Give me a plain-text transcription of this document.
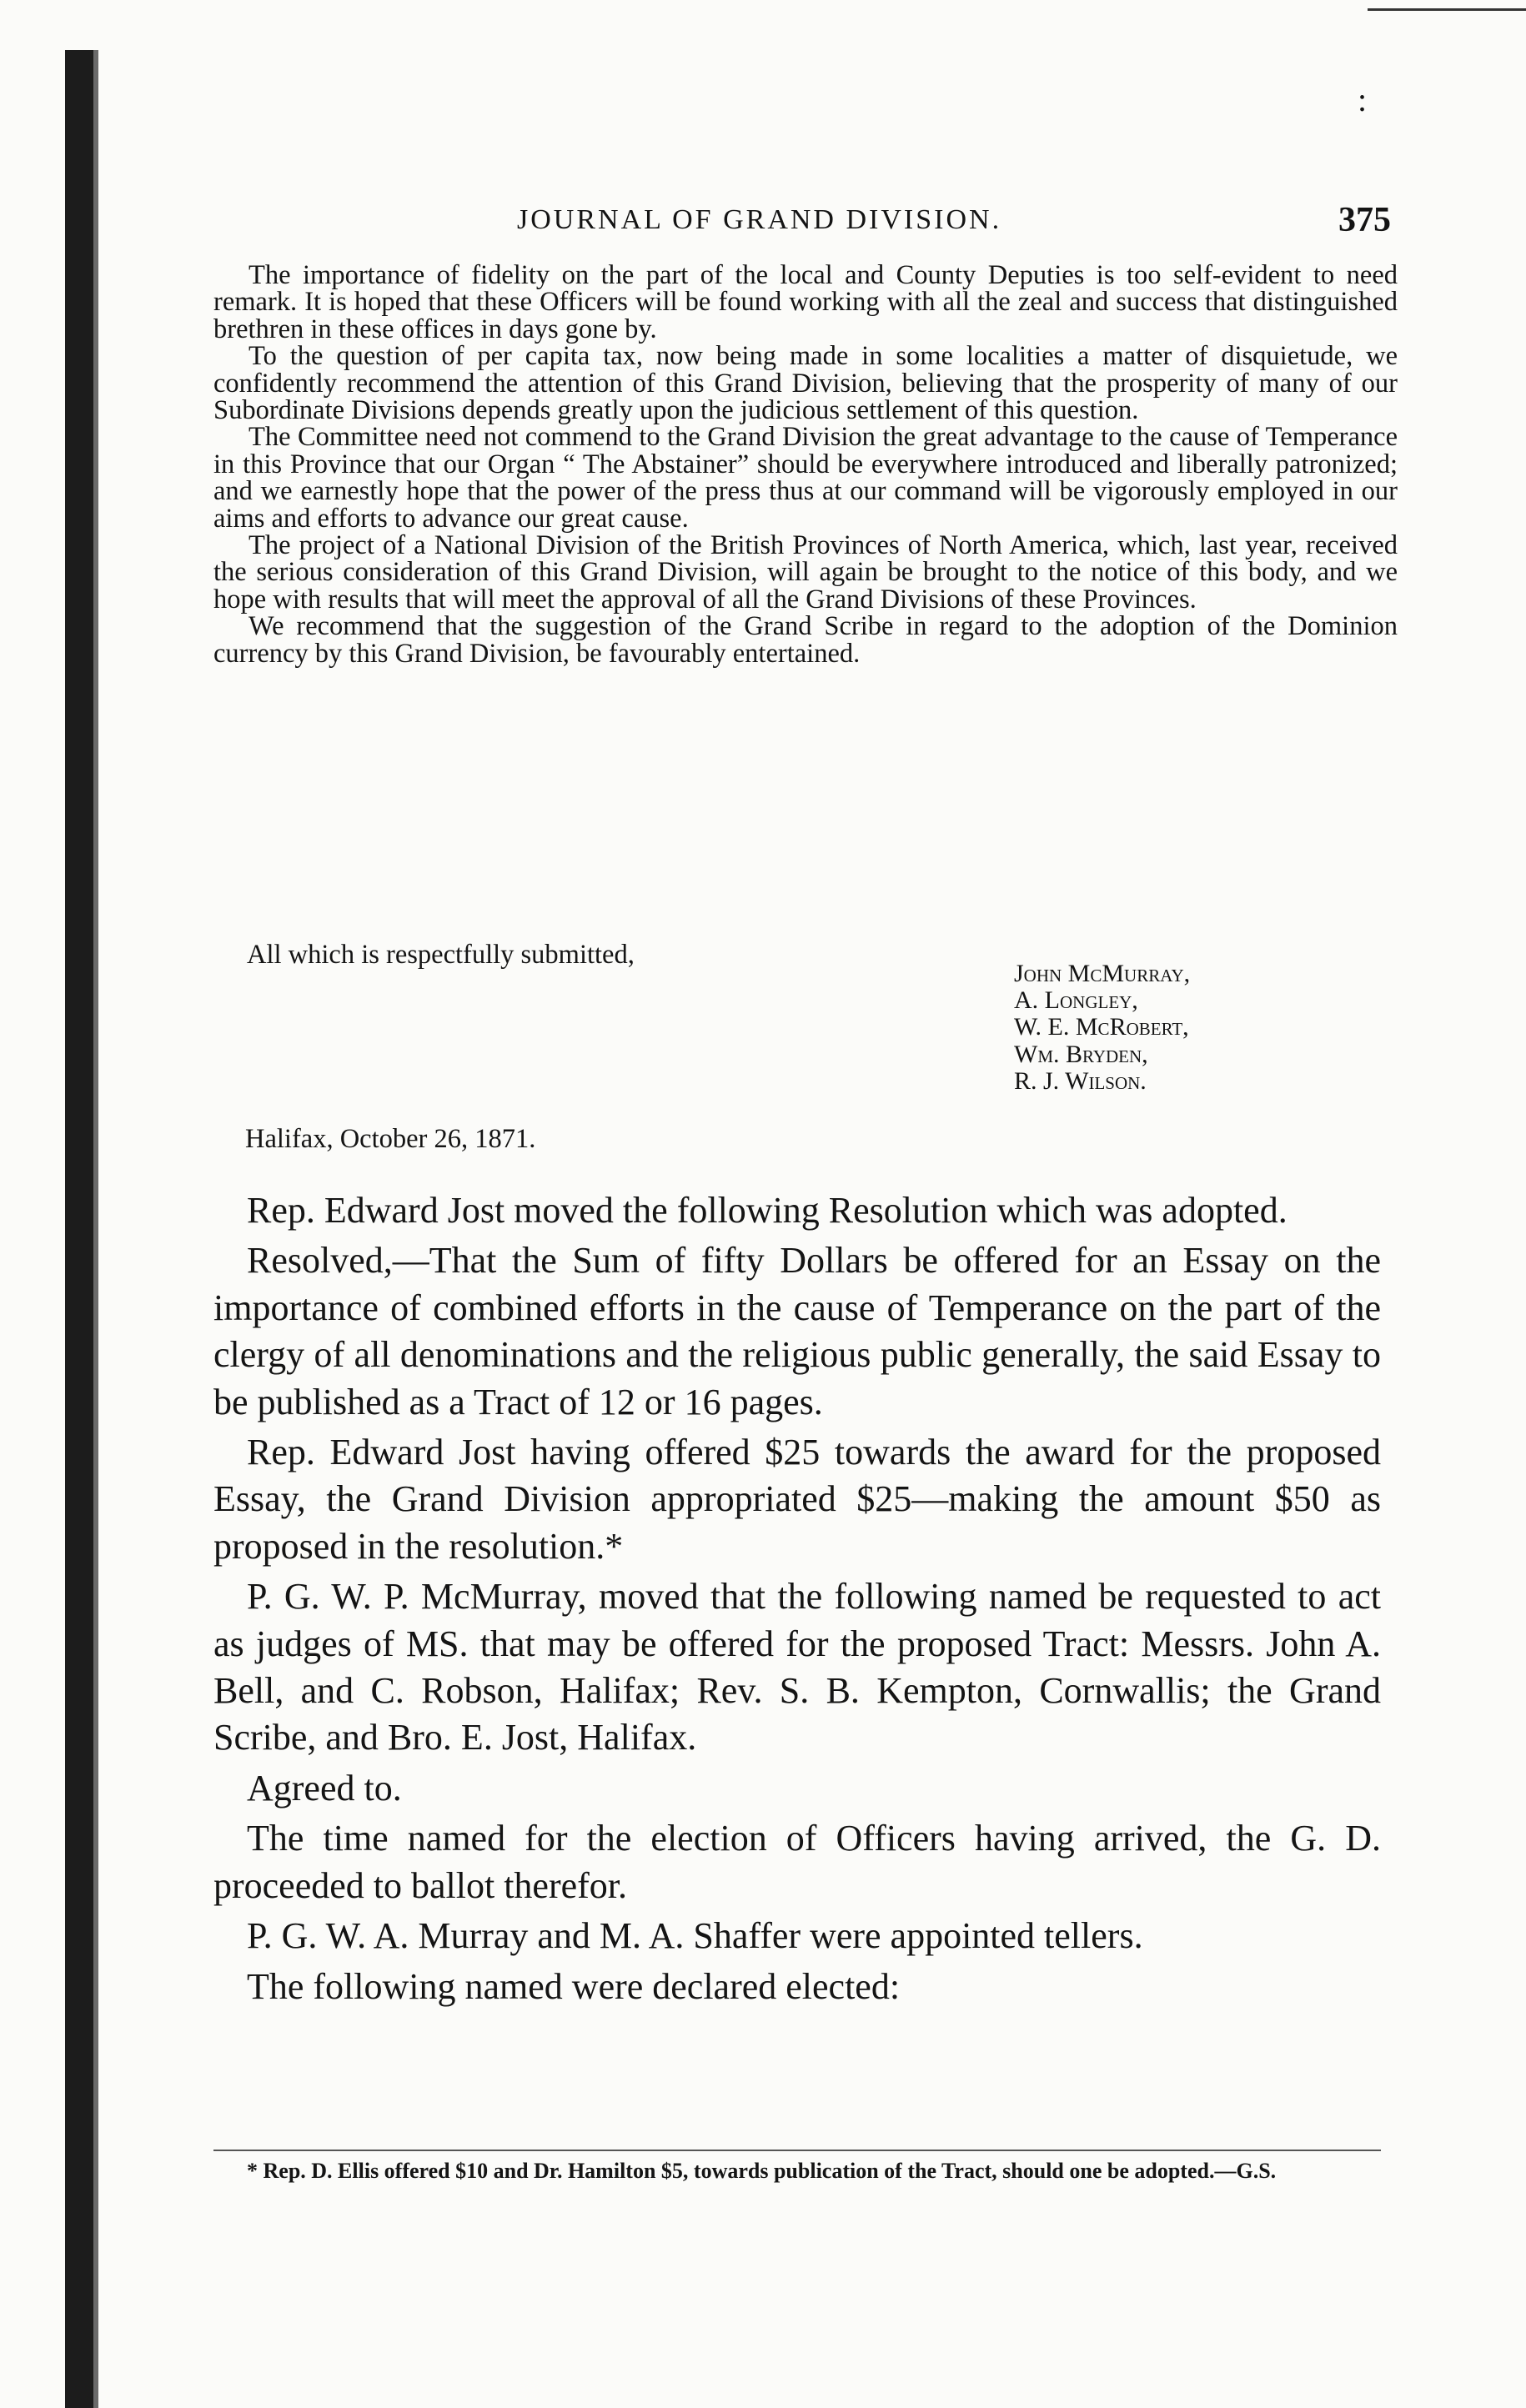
:
JOURNAL OF GRAND DIVISION.	375

The importance of fidelity on the part of the local and County Deputies is too self-evident to need remark. It is hoped that these Officers will be found working with all the zeal and success that distinguished brethren in these offices in days gone by.

To the question of per capita tax, now being made in some localities a matter of disquietude, we confidently recommend the attention of this Grand Division, believing that the prosperity of many of our Subordinate Divisions depends greatly upon the judicious settlement of this question.

The Committee need not commend to the Grand Division the great advantage to the cause of Temperance in this Province that our Organ “ The Abstainer” should be everywhere introduced and liberally patronized; and we earnestly hope that the power of the press thus at our command will be vigorously employed in our aims and efforts to advance our great cause.

The project of a National Division of the British Provinces of North America, which, last year, received the serious consideration of this Grand Division, will again be brought to the notice of this body, and we hope with results that will meet the approval of all the Grand Divisions of these Provinces.

We recommend that the suggestion of the Grand Scribe in regard to the adoption of the Dominion currency by this Grand Division, be favourably entertained.

All which is respectfully submitted,
John McMurray,
A. Longley,
W. E. McRobert,
Wm. Bryden,
R. J. Wilson.
Halifax, October 26, 1871.

Rep. Edward Jost moved the following Resolution which was adopted.

Resolved,—That the Sum of fifty Dollars be offered for an Essay on the importance of combined efforts in the cause of Temperance on the part of the clergy of all denominations and the religious public generally, the said Essay to be published as a Tract of 12 or 16 pages.

Rep. Edward Jost having offered $25 towards the award for the proposed Essay, the Grand Division appropriated $25—making the amount $50 as proposed in the resolution.*

P. G. W. P. McMurray, moved that the following named be requested to act as judges of MS. that may be offered for the proposed Tract: Messrs. John A. Bell, and C. Robson, Halifax; Rev. S. B. Kempton, Cornwallis; the Grand Scribe, and Bro. E. Jost, Halifax.

Agreed to.

The time named for the election of Officers having arrived, the G. D. proceeded to ballot therefor.

P. G. W. A. Murray and M. A. Shaffer were appointed tellers.

The following named were declared elected:

* Rep. D. Ellis offered $10 and Dr. Hamilton $5, towards publication of the Tract, should one be adopted.—G.S.
